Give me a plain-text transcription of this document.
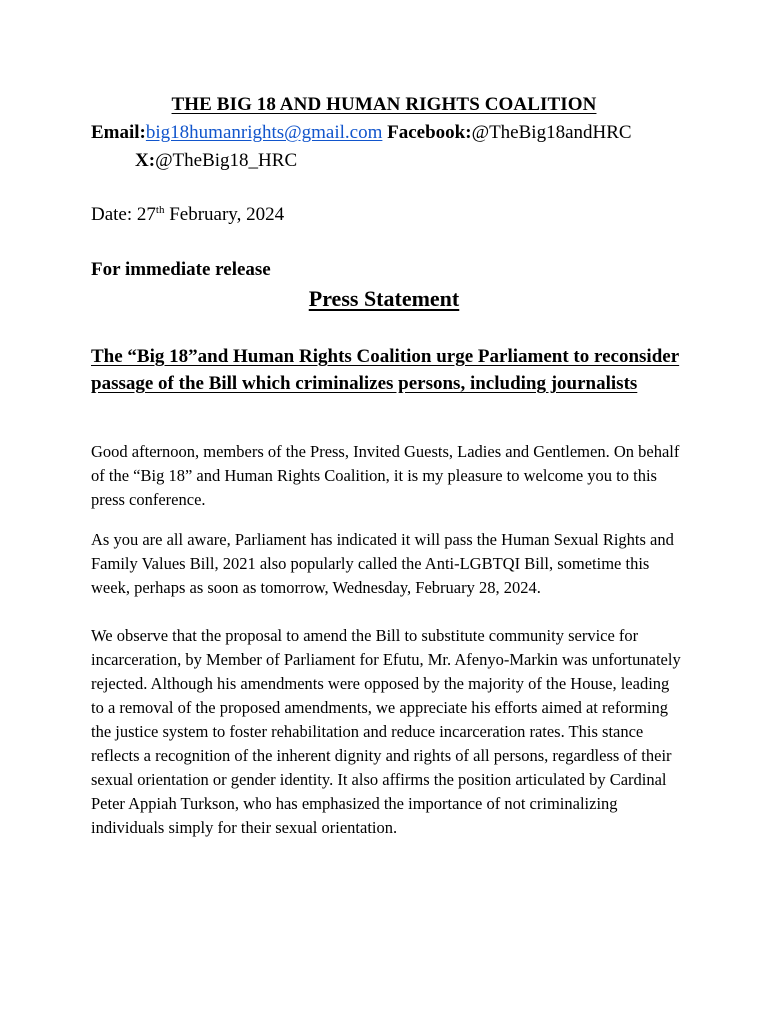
THE BIG 18 AND HUMAN RIGHTS COALITION
Email:big18humanrights@gmail.com Facebook:@TheBig18andHRC
X:@TheBig18_HRC
Date: 27th February, 2024
For immediate release
Press Statement
The “Big 18”and Human Rights Coalition urge Parliament to reconsider passage of the Bill which criminalizes persons, including journalists
Good afternoon, members of the Press, Invited Guests, Ladies and Gentlemen. On behalf of the “Big 18” and Human Rights Coalition, it is my pleasure to welcome you to this press conference.
As you are all aware, Parliament has indicated it will pass the Human Sexual Rights and Family Values Bill, 2021 also popularly called the Anti-LGBTQI Bill, sometime this week, perhaps as soon as tomorrow, Wednesday, February 28, 2024.
We observe that the proposal to amend the Bill to substitute community service for incarceration, by Member of Parliament for Efutu, Mr. Afenyo-Markin was unfortunately rejected. Although his amendments were opposed by the majority of the House, leading to a removal of the proposed amendments, we appreciate his efforts aimed at reforming the justice system to foster rehabilitation and reduce incarceration rates. This stance reflects a recognition of the inherent dignity and rights of all persons, regardless of their sexual orientation or gender identity. It also affirms the position articulated by Cardinal Peter Appiah Turkson, who has emphasized the importance of not criminalizing individuals simply for their sexual orientation.
